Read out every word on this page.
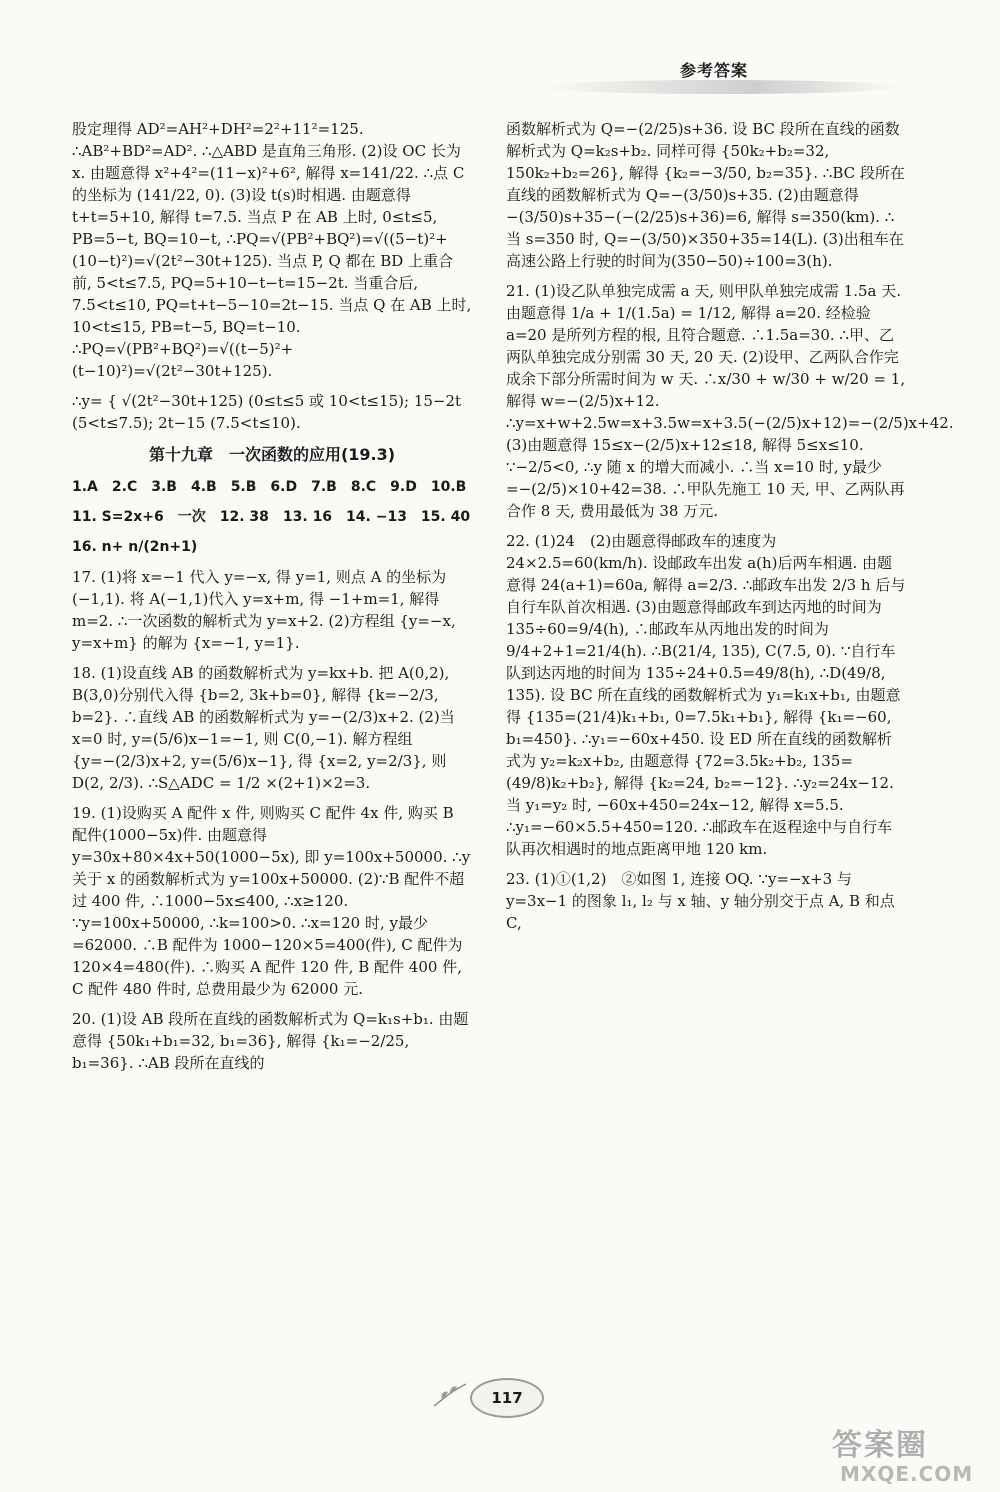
参考答案

股定理得 AD²=AH²+DH²=2²+11²=125. ∴AB²+BD²=AD². ∴△ABD 是直角三角形. (2)设 OC 长为 x. 由题意得 x²+4²=(11−x)²+6², 解得 x=141/22. ∴点 C 的坐标为 (141/22, 0). (3)设 t(s)时相遇. 由题意得 t+t=5+10, 解得 t=7.5. 当点 P 在 AB 上时, 0≤t≤5, PB=5−t, BQ=10−t, ∴PQ=√(PB²+BQ²)=√((5−t)²+(10−t)²)=√(2t²−30t+125). 当点 P, Q 都在 BD 上重合前, 5<t≤7.5, PQ=5+10−t−t=15−2t. 当重合后, 7.5<t≤10, PQ=t+t−5−10=2t−15. 当点 Q 在 AB 上时, 10<t≤15, PB=t−5, BQ=t−10. ∴PQ=√(PB²+BQ²)=√((t−5)²+(t−10)²)=√(2t²−30t+125).

∴y= { √(2t²−30t+125) (0≤t≤5 或 10<t≤15); 15−2t (5<t≤7.5); 2t−15 (7.5<t≤10).

第十九章　一次函数的应用(19.3)

1.A　2.C　3.B　4.B　5.B　6.D　7.B　8.C　9.D　10.B

11. S=2x+6　一次　12. 38　13. 16　14. −13　15. 40

16. n+ n/(2n+1)

17. (1)将 x=−1 代入 y=−x, 得 y=1, 则点 A 的坐标为 (−1,1). 将 A(−1,1)代入 y=x+m, 得 −1+m=1, 解得 m=2. ∴一次函数的解析式为 y=x+2. (2)方程组 {y=−x, y=x+m} 的解为 {x=−1, y=1}.

18. (1)设直线 AB 的函数解析式为 y=kx+b. 把 A(0,2), B(3,0)分别代入得 {b=2, 3k+b=0}, 解得 {k=−2/3, b=2}. ∴直线 AB 的函数解析式为 y=−(2/3)x+2. (2)当 x=0 时, y=(5/6)x−1=−1, 则 C(0,−1). 解方程组 {y=−(2/3)x+2, y=(5/6)x−1}, 得 {x=2, y=2/3}, 则 D(2, 2/3). ∴S△ADC = 1/2 ×(2+1)×2=3.

19. (1)设购买 A 配件 x 件, 则购买 C 配件 4x 件, 购买 B 配件(1000−5x)件. 由题意得 y=30x+80×4x+50(1000−5x), 即 y=100x+50000. ∴y 关于 x 的函数解析式为 y=100x+50000. (2)∵B 配件不超过 400 件, ∴1000−5x≤400, ∴x≥120. ∵y=100x+50000, ∴k=100>0. ∴x=120 时, y最少=62000. ∴B 配件为 1000−120×5=400(件), C 配件为 120×4=480(件). ∴购买 A 配件 120 件, B 配件 400 件, C 配件 480 件时, 总费用最少为 62000 元.

20. (1)设 AB 段所在直线的函数解析式为 Q=k₁s+b₁. 由题意得 {50k₁+b₁=32, b₁=36}, 解得 {k₁=−2/25, b₁=36}. ∴AB 段所在直线的

函数解析式为 Q=−(2/25)s+36. 设 BC 段所在直线的函数解析式为 Q=k₂s+b₂. 同样可得 {50k₂+b₂=32, 150k₂+b₂=26}, 解得 {k₂=−3/50, b₂=35}. ∴BC 段所在直线的函数解析式为 Q=−(3/50)s+35. (2)由题意得 −(3/50)s+35−(−(2/25)s+36)=6, 解得 s=350(km). ∴当 s=350 时, Q=−(3/50)×350+35=14(L). (3)出租车在高速公路上行驶的时间为(350−50)÷100=3(h).

21. (1)设乙队单独完成需 a 天, 则甲队单独完成需 1.5a 天. 由题意得 1/a + 1/(1.5a) = 1/12, 解得 a=20. 经检验 a=20 是所列方程的根, 且符合题意. ∴1.5a=30. ∴甲、乙两队单独完成分别需 30 天, 20 天. (2)设甲、乙两队合作完成余下部分所需时间为 w 天. ∴x/30 + w/30 + w/20 = 1, 解得 w=−(2/5)x+12. ∴y=x+w+2.5w=x+3.5w=x+3.5(−(2/5)x+12)=−(2/5)x+42. (3)由题意得 15≤x−(2/5)x+12≤18, 解得 5≤x≤10. ∵−2/5<0, ∴y 随 x 的增大而减小. ∴当 x=10 时, y最少=−(2/5)×10+42=38. ∴甲队先施工 10 天, 甲、乙两队再合作 8 天, 费用最低为 38 万元.

22. (1)24　(2)由题意得邮政车的速度为 24×2.5=60(km/h). 设邮政车出发 a(h)后两车相遇. 由题意得 24(a+1)=60a, 解得 a=2/3. ∴邮政车出发 2/3 h 后与自行车队首次相遇. (3)由题意得邮政车到达丙地的时间为 135÷60=9/4(h), ∴邮政车从丙地出发的时间为 9/4+2+1=21/4(h). ∴B(21/4, 135), C(7.5, 0). ∵自行车队到达丙地的时间为 135÷24+0.5=49/8(h), ∴D(49/8, 135). 设 BC 所在直线的函数解析式为 y₁=k₁x+b₁, 由题意得 {135=(21/4)k₁+b₁, 0=7.5k₁+b₁}, 解得 {k₁=−60, b₁=450}. ∴y₁=−60x+450. 设 ED 所在直线的函数解析式为 y₂=k₂x+b₂, 由题意得 {72=3.5k₂+b₂, 135=(49/8)k₂+b₂}, 解得 {k₂=24, b₂=−12}. ∴y₂=24x−12. 当 y₁=y₂ 时, −60x+450=24x−12, 解得 x=5.5. ∴y₁=−60×5.5+450=120. ∴邮政车在返程途中与自行车队再次相遇时的地点距离甲地 120 km.

23. (1)①(1,2)　②如图 1, 连接 OQ. ∵y=−x+3 与 y=3x−1 的图象 l₁, l₂ 与 x 轴、y 轴分别交于点 A, B 和点 C,

117
答案圈
MXQE.COM
